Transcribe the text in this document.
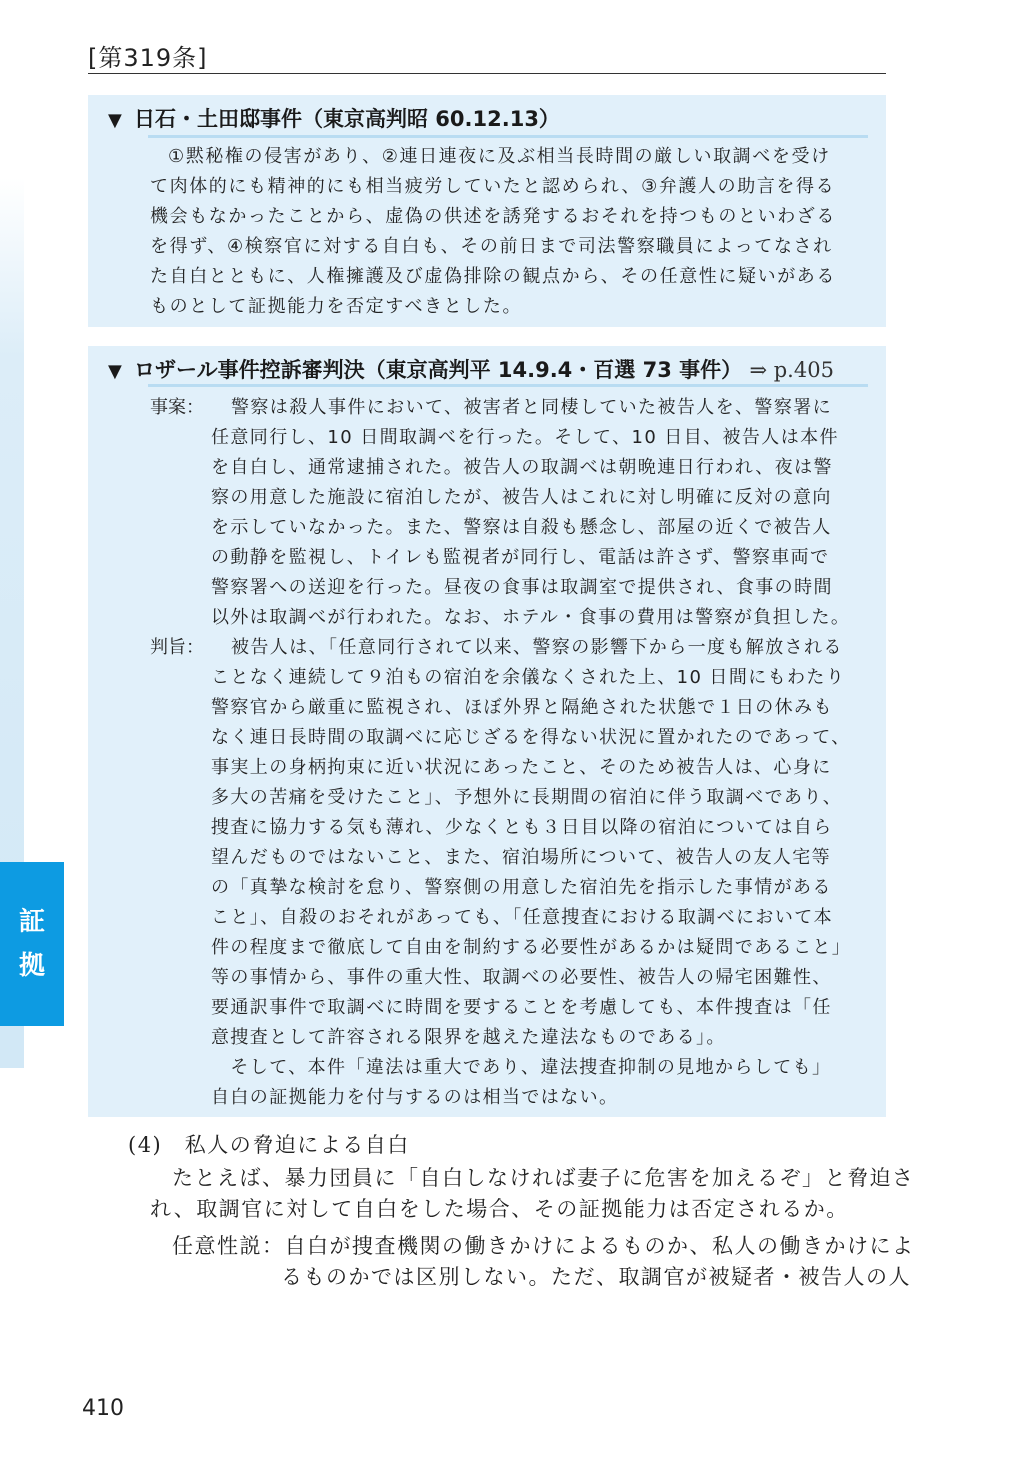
[第319条]
証
拠
▼ 日石・土田邸事件（東京高判昭 60.12.13）
①黙秘権の侵害があり、②連日連夜に及ぶ相当長時間の厳しい取調べを受け
て肉体的にも精神的にも相当疲労していたと認められ、③弁護人の助言を得る
機会もなかったことから、虚偽の供述を誘発するおそれを持つものといわざる
を得ず、④検察官に対する自白も、その前日まで司法警察職員によってなされ
た自白とともに、人権擁護及び虚偽排除の観点から、その任意性に疑いがある
ものとして証拠能力を否定すべきとした。
▼ ロザール事件控訴審判決（東京高判平 14.9.4・百選 73 事件） ⇒ p.405
事案： 警察は殺人事件において、被害者と同棲していた被告人を、警察署に
任意同行し、10 日間取調べを行った。そして、10 日目、被告人は本件
を自白し、通常逮捕された。被告人の取調べは朝晩連日行われ、夜は警
察の用意した施設に宿泊したが、被告人はこれに対し明確に反対の意向
を示していなかった。また、警察は自殺も懸念し、部屋の近くで被告人
の動静を監視し、トイレも監視者が同行し、電話は許さず、警察車両で
警察署への送迎を行った。昼夜の食事は取調室で提供され、食事の時間
以外は取調べが行われた。なお、ホテル・食事の費用は警察が負担した。
判旨： 被告人は、「任意同行されて以来、警察の影響下から一度も解放される
ことなく連続して９泊もの宿泊を余儀なくされた上、10 日間にもわたり
警察官から厳重に監視され、ほぼ外界と隔絶された状態で１日の休みも
なく連日長時間の取調べに応じざるを得ない状況に置かれたのであって、
事実上の身柄拘束に近い状況にあったこと、そのため被告人は、心身に
多大の苦痛を受けたこと」、予想外に長期間の宿泊に伴う取調べであり、
捜査に協力する気も薄れ、少なくとも３日目以降の宿泊については自ら
望んだものではないこと、また、宿泊場所について、被告人の友人宅等
の「真摯な検討を怠り、警察側の用意した宿泊先を指示した事情がある
こと」、自殺のおそれがあっても、「任意捜査における取調べにおいて本
件の程度まで徹底して自由を制約する必要性があるかは疑問であること」
等の事情から、事件の重大性、取調べの必要性、被告人の帰宅困難性、
要通訳事件で取調べに時間を要することを考慮しても、本件捜査は「任
意捜査として許容される限界を越えた違法なものである」。
　そして、本件「違法は重大であり、違法捜査抑制の見地からしても」
自白の証拠能力を付与するのは相当ではない。
(4)　私人の脅迫による自白
たとえば、暴力団員に「自白しなければ妻子に危害を加えるぞ」と脅迫さ
れ、取調官に対して自白をした場合、その証拠能力は否定されるか。
任意性説：自白が捜査機関の働きかけによるものか、私人の働きかけによ
るものかでは区別しない。ただ、取調官が被疑者・被告人の人
410
